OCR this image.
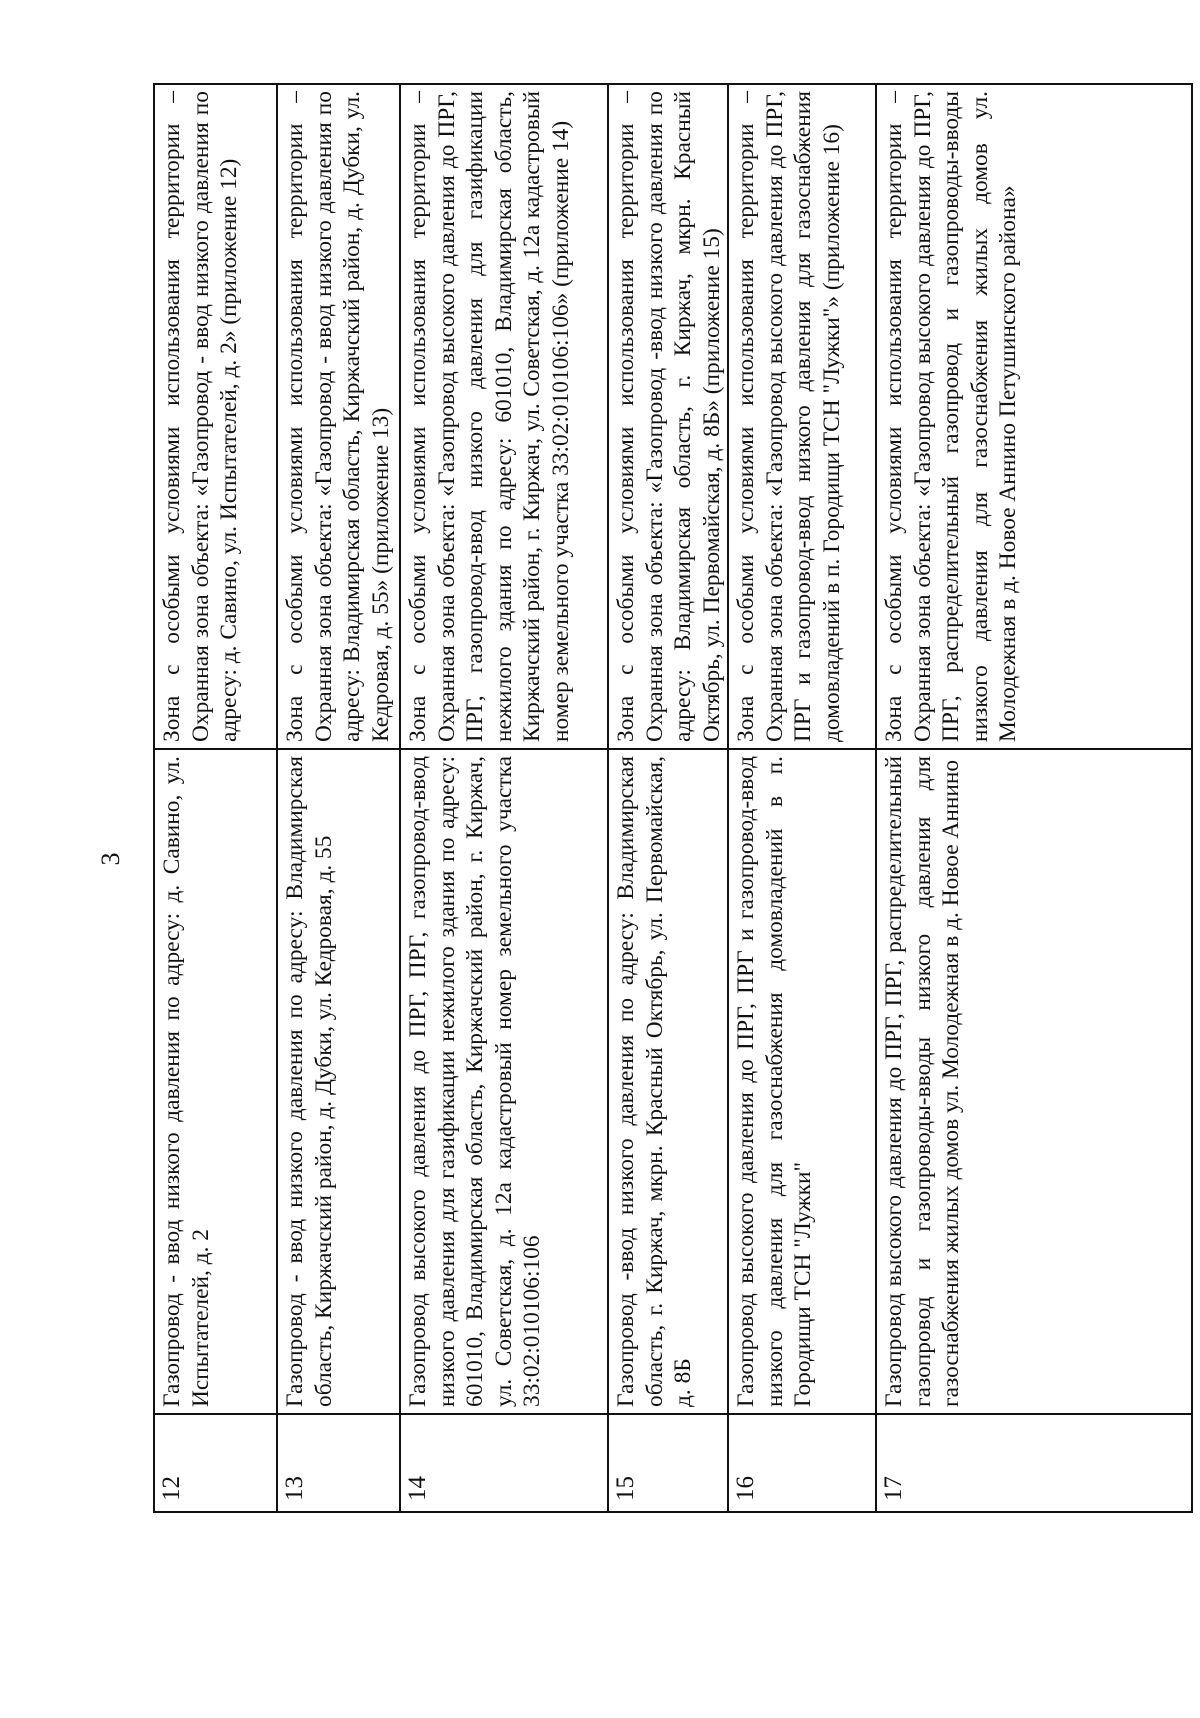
3
12
Газопровод - ввод низкого давления по адресу: д. Савино, ул. Испытателей, д. 2
Зона с особыми условиями использования территории – Охранная зона объекта: «Газопровод - ввод низкого давления по адресу: д. Савино, ул. Испытателей, д. 2» (приложение 12)
13
Газопровод - ввод низкого давления по адресу: Владимирская область, Киржачский район, д. Дубки, ул. Кедровая, д. 55
Зона с особыми условиями использования территории – Охранная зона объекта: «Газопровод - ввод низкого давления по адресу: Владимирская область, Киржачский район, д. Дубки, ул. Кедровая, д. 55» (приложение 13)
14
Газопровод высокого давления до ПРГ, ПРГ, газопровод-ввод низкого давления для газификации нежилого здания по адресу: 601010, Владимирская область, Киржачский район, г. Киржач, ул. Советская, д. 12а кадастровый номер земельного участка 33:02:010106:106
Зона с особыми условиями использования территории – Охранная зона объекта: «Газопровод высокого давления до ПРГ, ПРГ, газопровод-ввод низкого давления для газификации нежилого здания по адресу: 601010, Владимирская область, Киржачский район, г. Киржач, ул. Советская, д. 12а кадастровый номер земельного участка 33:02:010106:106» (приложение 14)
15
Газопровод -ввод низкого давления по адресу: Владимирская область, г. Киржач, мкрн. Красный Октябрь, ул. Первомайская, д. 8Б
Зона с особыми условиями использования территории – Охранная зона объекта: «Газопровод -ввод низкого давления по адресу: Владимирская область, г. Киржач, мкрн. Красный Октябрь, ул. Первомайская, д. 8Б» (приложение 15)
16
Газопровод высокого давления до ПРГ, ПРГ и газопровод-ввод низкого давления для газоснабжения домовладений в п. Городищи ТСН "Лужки"
Зона с особыми условиями использования территории – Охранная зона объекта: «Газопровод высокого давления до ПРГ, ПРГ и газопровод-ввод низкого давления для газоснабжения домовладений в п. Городищи ТСН "Лужки"» (приложение 16)
17
Газопровод высокого давления до ПРГ, ПРГ, распределительный газопровод и газопроводы-вводы низкого давления для газоснабжения жилых домов ул. Молодежная в д. Новое Аннино
Зона с особыми условиями использования территории – Охранная зона объекта: «Газопровод высокого давления до ПРГ, ПРГ, распределительный газопровод и газопроводы-вводы низкого давления для газоснабжения жилых домов ул. Молодежная в д. Новое Аннино Петушинского района»
